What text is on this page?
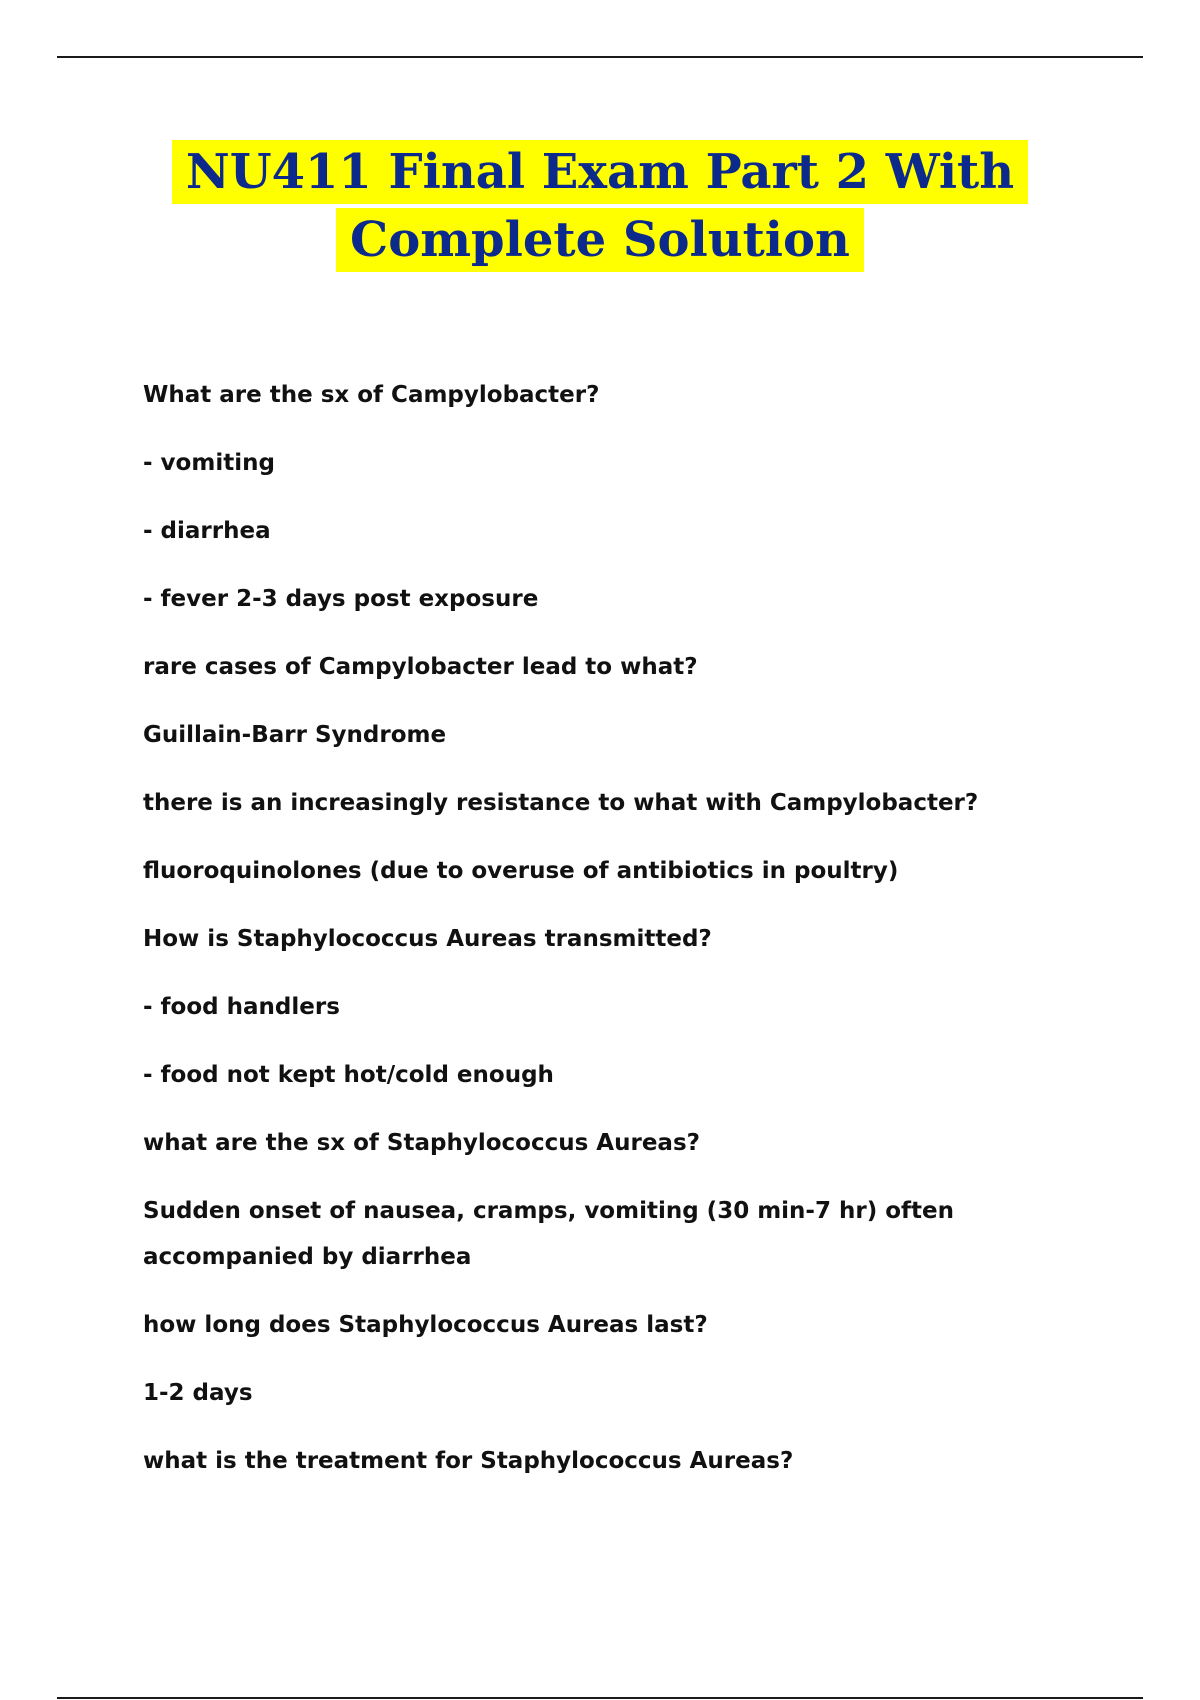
NU411 Final Exam Part 2 With
Complete Solution
What are the sx of Campylobacter?
- vomiting
- diarrhea
- fever 2-3 days post exposure
rare cases of Campylobacter lead to what?
Guillain-Barr Syndrome
there is an increasingly resistance to what with Campylobacter?
fluoroquinolones (due to overuse of antibiotics in poultry)
How is Staphylococcus Aureas transmitted?
- food handlers
- food not kept hot/cold enough
what are the sx of Staphylococcus Aureas?
Sudden onset of nausea, cramps, vomiting (30 min-7 hr) often accompanied by diarrhea
how long does Staphylococcus Aureas last?
1-2 days
what is the treatment for Staphylococcus Aureas?
